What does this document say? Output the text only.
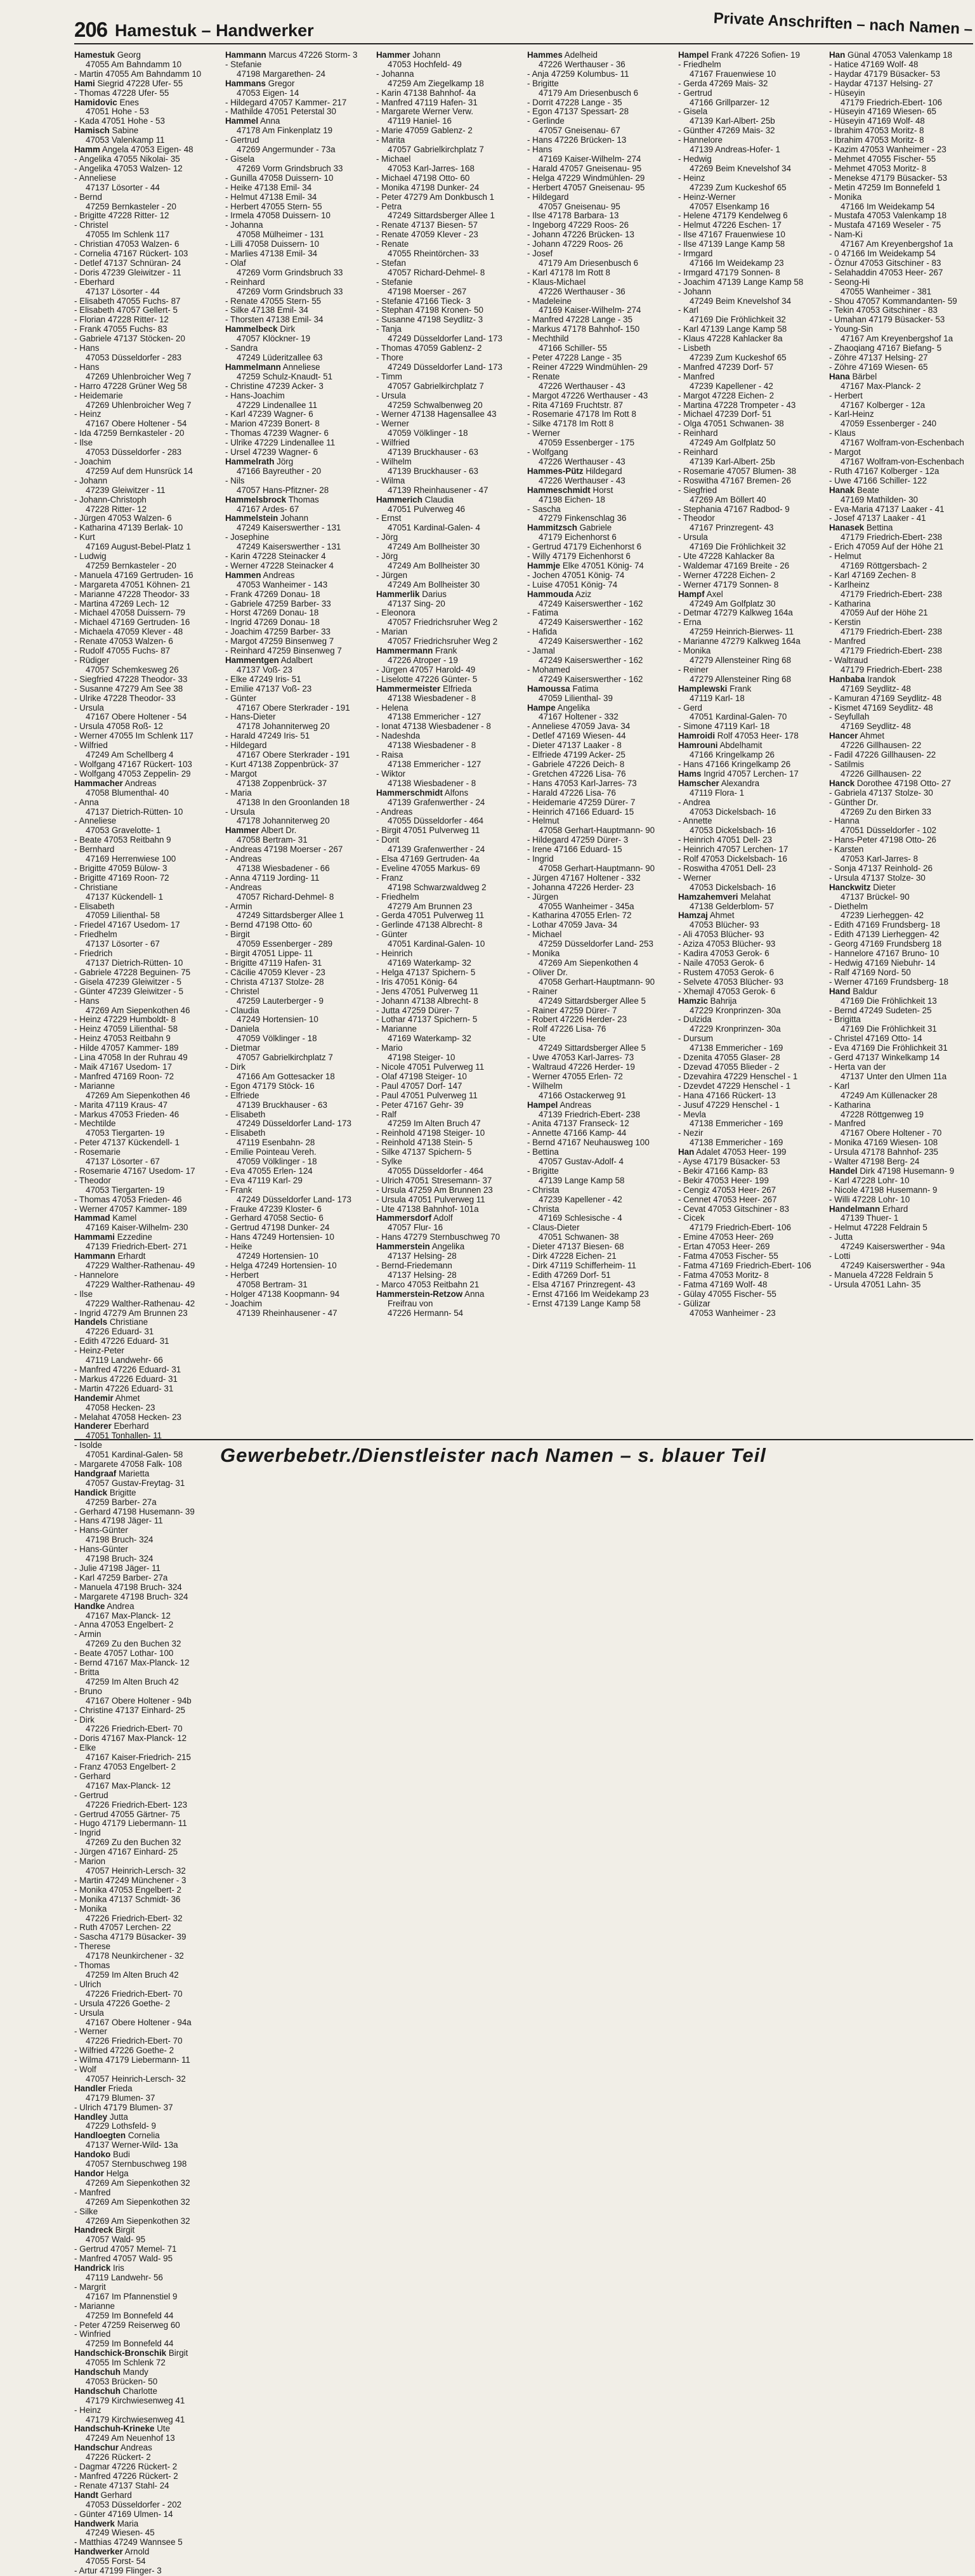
206 Hamestuk – Handwerker	Private Anschriften – nach Namen –
Hamestuk Georg
47055 Am Bahndamm 10
- Martin 47055 Am Bahndamm 10
Hami Siegrid 47228 Ufer- 55
- Thomas 47228 Ufer- 55
Hamidovic Enes
47051 Hohe - 53
- Kada 47051 Hohe - 53
Hamisch Sabine
47053 Valenkamp 11
Hamm Angela 47053 Eigen- 48
- Angelika 47055 Nikolai- 35
- Angelika 47053 Walzen- 12
- Anneliese
47137 Lösorter - 44
- Bernd
47259 Bernkasteler - 20
- Brigitte 47228 Ritter- 12
- Christel
47055 Im Schlenk 117
- Christian 47053 Walzen- 6
- Cornelia 47167 Rückert- 103
- Detlef 47137 Schnüran- 24
- Doris 47239 Gleiwitzer - 11
- Eberhard
47137 Lösorter - 44
- Elisabeth 47055 Fuchs- 87
- Elisabeth 47057 Gellert- 5
- Florian 47228 Ritter- 12
- Frank 47055 Fuchs- 83
- Gabriele 47137 Stöcken- 20
- Hans
47053 Düsseldorfer - 283
- Hans
47269 Uhlenbroicher Weg 7
- Harro 47228 Grüner Weg 58
- Heidemarie
47269 Uhlenbroicher Weg 7
- Heinz
47167 Obere Holtener - 54
- Ida 47259 Bernkasteler - 20
- Ilse
47053 Düsseldorfer - 283
- Joachim
47259 Auf dem Hunsrück 14
- Johann
47239 Gleiwitzer - 11
- Johann-Christoph
47228 Ritter- 12
- Jürgen 47053 Walzen- 6
- Katharina 47139 Berlak- 10
- Kurt
47169 August-Bebel-Platz 1
- Ludwig
47259 Bernkasteler - 20
- Manuela 47169 Gertruden- 16
- Margareta 47051 Köhnen- 21
- Marianne 47228 Theodor- 33
- Martina 47269 Lech- 12
- Michael 47058 Duissern- 79
- Michael 47169 Gertruden- 16
- Michaela 47059 Klever - 48
- Renate 47053 Walzen- 6
- Rudolf 47055 Fuchs- 87
- Rüdiger
47057 Schemkesweg 26
- Siegfried 47228 Theodor- 33
- Susanne 47279 Am See 38
- Ulrike 47228 Theodor- 33
- Ursula
47167 Obere Holtener - 54
- Ursula 47058 Roß- 12
- Werner 47055 Im Schlenk 117
- Wilfried
47249 Am Schellberg 4
- Wolfgang 47167 Rückert- 103
- Wolfgang 47053 Zeppelin- 29
Hammacher Andreas
47058 Blumenthal- 40
- Anna
47137 Dietrich-Rütten- 10
- Anneliese
47053 Gravelotte- 1
- Beate 47053 Reitbahn 9
- Bernhard
47169 Herrenwiese 100
- Brigitte 47059 Bülow- 3
- Brigitte 47169 Roon- 72
- Christiane
47137 Kückendell- 1
- Elisabeth
47059 Lilienthal- 58
- Friedel 47167 Usedom- 17
- Friedhelm
47137 Lösorter - 67
- Friedrich
47137 Dietrich-Rütten- 10
- Gabriele 47228 Beguinen- 75
- Gisela 47239 Gleiwitzer - 5
- Günter 47239 Gleiwitzer - 5
- Hans
47269 Am Siepenkothen 46
- Heinz 47229 Humboldt- 8
- Heinz 47059 Lilienthal- 58
- Heinz 47053 Reitbahn 9
- Hilde 47057 Kammer- 189
- Lina 47058 In der Ruhrau 49
- Maik 47167 Usedom- 17
- Manfred 47169 Roon- 72
- Marianne
47269 Am Siepenkothen 46
- Marita 47119 Kraus- 47
- Markus 47053 Frieden- 46
- Mechtilde
47053 Tiergarten- 19
- Peter 47137 Kückendell- 1
- Rosemarie
47137 Lösorter - 67
- Rosemarie 47167 Usedom- 17
- Theodor
47053 Tiergarten- 19
- Thomas 47053 Frieden- 46
- Werner 47057 Kammer- 189
Hammad Kamel
47169 Kaiser-Wilhelm- 230
Hammami Ezzedine
47139 Friedrich-Ebert- 271
Hammann Erhardt
47229 Walther-Rathenau- 49
- Hannelore
47229 Walther-Rathenau- 49
- Ilse
47229 Walther-Rathenau- 42
- Ingrid 47279 Am Brunnen 23
Hammann Marcus 47226 Storm- 3
- Stefanie
47198 Margarethen- 24
Hammans Gregor
47053 Eigen- 14
- Hildegard 47057 Kammer- 217
- Mathilde 47051 Peterstal 30
Hammel Anna
47178 Am Finkenplatz 19
- Gertrud
47269 Angermunder - 73a
- Gisela
47269 Vorm Grindsbruch 33
- Gunilla 47058 Duissern- 10
- Heike 47138 Emil- 34
- Helmut 47138 Emil- 34
- Herbert 47055 Stern- 55
- Irmela 47058 Duissern- 10
- Johanna
47058 Mülheimer - 131
- Lilli 47058 Duissern- 10
- Marlies 47138 Emil- 34
- Olaf
47269 Vorm Grindsbruch 33
- Reinhard
47269 Vorm Grindsbruch 33
- Renate 47055 Stern- 55
- Silke 47138 Emil- 34
- Thorsten 47138 Emil- 34
Hammelbeck Dirk
47057 Klöckner- 19
- Sandra
47249 Lüderitzallee 63
Hammelmann Anneliese
47259 Schulz-Knaudt- 51
- Christine 47239 Acker- 3
- Hans-Joachim
47229 Lindenallee 11
- Karl 47239 Wagner- 6
- Marion 47239 Bonert- 8
- Thomas 47239 Wagner- 6
- Ulrike 47229 Lindenallee 11
- Ursel 47239 Wagner- 6
Hammelrath Jörg
47166 Bayreuther - 20
- Nils
47057 Hans-Pfitzner- 28
Hammelsbrock Thomas
47167 Ardes- 67
Hammelstein Johann
47249 Kaiserswerther - 131
- Josephine
47249 Kaiserswerther - 131
- Karin 47228 Steinacker 4
- Werner 47228 Steinacker 4
Hammen Andreas
47053 Wanheimer - 143
- Frank 47269 Donau- 18
- Gabriele 47259 Barber- 33
- Horst 47269 Donau- 18
- Ingrid 47269 Donau- 18
- Joachim 47259 Barber- 33
- Margot 47259 Binsenweg 7
- Reinhard 47259 Binsenweg 7
Hammentgen Adalbert
47137 Voß- 23
- Elke 47249 Iris- 51
- Emilie 47137 Voß- 23
- Günter
47167 Obere Sterkrader - 191
- Hans-Dieter
47178 Johanniterweg 20
- Harald 47249 Iris- 51
- Hildegard
47167 Obere Sterkrader - 191
- Kurt 47138 Zoppenbrück- 37
- Margot
47138 Zoppenbrück- 37
- Maria
47138 In den Groonlanden 18
- Ursula
47178 Johanniterweg 20
Hammer Albert Dr.
47058 Bertram- 31
- Andreas 47198 Moerser - 267
- Andreas
47138 Wiesbadener - 66
- Anna 47119 Jording- 11
- Andreas
47057 Richard-Dehmel- 8
- Armin
47249 Sittardsberger Allee 1
- Bernd 47198 Otto- 60
- Birgit
47059 Essenberger - 289
- Birgit 47051 Lippe- 11
- Brigitte 47119 Hafen- 31
- Cäcilie 47059 Klever - 23
- Christa 47137 Stolze- 28
- Christel
47259 Lauterberger - 9
- Claudia
47249 Hortensien- 10
- Daniela
47059 Völklinger - 18
- Dietmar
47057 Gabrielkirchplatz 7
- Dirk
47166 Am Gottesacker 18
- Egon 47179 Stöck- 16
- Elfriede
47139 Bruckhauser - 63
- Elisabeth
47249 Düsseldorfer Land- 173
- Elisabeth
47119 Esenbahn- 28
- Emilie Pointeau Vereh.
47059 Völklinger - 18
- Eva 47055 Erlen- 124
- Eva 47119 Karl- 29
- Frank
47249 Düsseldorfer Land- 173
- Frauke 47239 Kloster- 6
- Gerhard 47058 Sectio- 6
- Gertrud 47198 Dunker- 24
- Hans 47249 Hortensien- 10
- Heike
47249 Hortensien- 10
- Helga 47249 Hortensien- 10
- Herbert
47058 Bertram- 31
- Holger 47138 Koopmann- 94
- Joachim
47139 Rheinhausener - 47
Hammer Johann
47053 Hochfeld- 49
- Johanna
47259 Am Ziegelkamp 18
- Karin 47138 Bahnhof- 4a
- Manfred 47119 Hafen- 31
- Margarete Werner Verw.
47119 Haniel- 16
- Marie 47059 Gablenz- 2
- Marita
47057 Gabrielkirchplatz 7
- Michael
47053 Karl-Jarres- 168
- Michael 47198 Otto- 60
- Monika 47198 Dunker- 24
- Peter 47279 Am Donkbusch 1
- Petra
47249 Sittardsberger Allee 1
- Renate 47137 Biesen- 57
- Renate 47059 Klever - 23
- Renate
47055 Rheintörchen- 33
- Stefan
47057 Richard-Dehmel- 8
- Stefanie
47198 Moerser - 267
- Stefanie 47166 Tieck- 3
- Stephan 47198 Kronen- 50
- Susanne 47198 Seydlitz- 3
- Tanja
47249 Düsseldorfer Land- 173
- Thomas 47059 Gablenz- 2
- Thore
47249 Düsseldorfer Land- 173
- Timm
47057 Gabrielkirchplatz 7
- Ursula
47259 Schwalbenweg 20
- Werner 47138 Hagensallee 43
- Werner
47059 Völklinger - 18
- Wilfried
47139 Bruckhauser - 63
- Wilhelm
47139 Bruckhauser - 63
- Wilma
47139 Rheinhausener - 47
Hammerich Claudia
47051 Pulverweg 46
- Ernst
47051 Kardinal-Galen- 4
- Jörg
47249 Am Bollheister 30
- Jörg
47249 Am Bollheister 30
- Jürgen
47249 Am Bollheister 30
Hammerlik Darius
47137 Sing- 20
- Eleonora
47057 Friedrichsruher Weg 2
- Marian
47057 Friedrichsruher Weg 2
Hammermann Frank
47226 Atroper - 19
- Jürgen 47057 Harold- 49
- Liselotte 47226 Günter- 5
Hammermeister Elfrieda
47138 Wiesbadener - 8
- Helena
47138 Emmericher - 127
- Ionat 47138 Wiesbadener - 8
- Nadeshda
47138 Wiesbadener - 8
- Raisa
47138 Emmericher - 127
- Wiktor
47138 Wiesbadener - 8
Hammerschmidt Alfons
47139 Grafenwerther - 24
- Andreas
47055 Düsseldorfer - 464
- Birgit 47051 Pulverweg 11
- Dorit
47139 Grafenwerther - 24
- Elsa 47169 Gertruden- 4a
- Eveline 47055 Markus- 69
- Franz
47198 Schwarzwaldweg 2
- Friedhelm
47279 Am Brunnen 23
- Gerda 47051 Pulverweg 11
- Gerlinde 47138 Albrecht- 8
- Günter
47051 Kardinal-Galen- 10
- Heinrich
47169 Waterkamp- 32
- Helga 47137 Spichern- 5
- Iris 47051 König- 64
- Jens 47051 Pulverweg 11
- Johann 47138 Albrecht- 8
- Jutta 47259 Dürer- 7
- Lothar 47137 Spichern- 5
- Marianne
47169 Waterkamp- 32
- Mario
47198 Steiger- 10
- Nicole 47051 Pulverweg 11
- Olaf 47198 Steiger- 10
- Paul 47057 Dorf- 147
- Paul 47051 Pulverweg 11
- Peter 47167 Gehr- 39
- Ralf
47259 Im Alten Bruch 47
- Reinhold 47198 Steiger- 10
- Reinhold 47138 Stein- 5
- Silke 47137 Spichern- 5
- Sylke
47055 Düsseldorfer - 464
- Ulrich 47051 Stresemann- 37
- Ursula 47259 Am Brunnen 23
- Ursula 47051 Pulverweg 11
- Ute 47138 Bahnhof- 101a
Hammersdorf Adolf
47057 Flur- 16
- Hans 47279 Sternbuschweg 70
Hammerstein Angelika
47137 Helsing- 28
- Bernd-Friedemann
47137 Helsing- 28
- Marco 47053 Reitbahn 21
Hammerstein-Retzow Anna
Freifrau von
47226 Hermann- 54
Hammes Adelheid
47226 Werthauser - 36
- Anja 47259 Kolumbus- 11
- Brigitte
47179 Am Driesenbusch 6
- Dorrit 47228 Lange - 35
- Egon 47137 Spessart- 28
- Gerlinde
47057 Gneisenau- 67
- Hans 47226 Brücken- 13
- Hans
47169 Kaiser-Wilhelm- 274
- Harald 47057 Gneisenau- 95
- Helga 47229 Windmühlen- 29
- Herbert 47057 Gneisenau- 95
- Hildegard
47057 Gneisenau- 95
- Ilse 47178 Barbara- 13
- Ingeborg 47229 Roos- 26
- Johann 47226 Brücken- 13
- Johann 47229 Roos- 26
- Josef
47179 Am Driesenbusch 6
- Karl 47178 Im Rott 8
- Klaus-Michael
47226 Werthauser - 36
- Madeleine
47169 Kaiser-Wilhelm- 274
- Manfred 47228 Lange - 35
- Markus 47178 Bahnhof- 150
- Mechthild
47166 Schiller- 55
- Peter 47228 Lange - 35
- Reiner 47229 Windmühlen- 29
- Renate
47226 Werthauser - 43
- Margot 47226 Werthauser - 43
- Rita 47169 Fruchtstr. 87
- Rosemarie 47178 Im Rott 8
- Silke 47178 Im Rott 8
- Werner
47059 Essenberger - 175
- Wolfgang
47226 Werthauser - 43
Hammes-Pütz Hildegard
47226 Werthauser - 43
Hammeschmidt Horst
47198 Eichen- 18
- Sascha
47279 Finkenschlag 36
Hammitzsch Gabriele
47179 Eichenhorst 6
- Gertrud 47179 Eichenhorst 6
- Willy 47179 Eichenhorst 6
Hammje Elke 47051 König- 74
- Jochen 47051 König- 74
- Luise 47051 König- 74
Hammouda Aziz
47249 Kaiserswerther - 162
- Fatima
47249 Kaiserswerther - 162
- Hafida
47249 Kaiserswerther - 162
- Jamal
47249 Kaiserswerther - 162
- Mohamed
47249 Kaiserswerther - 162
Hamoussa Fatima
47059 Lilienthal- 39
Hampe Angelika
47167 Holtener - 332
- Anneliese 47059 Java- 34
- Detlef 47169 Wiesen- 44
- Dieter 47137 Laaker - 8
- Elfriede 47199 Acker- 25
- Gabriele 47226 Deich- 8
- Gretchen 47226 Lisa- 76
- Hans 47053 Karl-Jarres- 73
- Harald 47226 Lisa- 76
- Heidemarie 47259 Dürer- 7
- Heinrich 47166 Eduard- 15
- Helmut
47058 Gerhart-Hauptmann- 90
- Hildegard 47259 Dürer- 3
- Irene 47166 Eduard- 15
- Ingrid
47058 Gerhart-Hauptmann- 90
- Jürgen 47167 Holtener - 332
- Johanna 47226 Herder- 23
- Jürgen
47055 Wanheimer - 345a
- Katharina 47055 Erlen- 72
- Lothar 47059 Java- 34
- Michael
47259 Düsseldorfer Land- 253
- Monika
47269 Am Siepenkothen 4
- Oliver Dr.
47058 Gerhart-Hauptmann- 90
- Rainer
47249 Sittardsberger Allee 5
- Rainer 47259 Dürer- 7
- Robert 47226 Herder- 23
- Rolf 47226 Lisa- 76
- Ute
47249 Sittardsberger Allee 5
- Uwe 47053 Karl-Jarres- 73
- Waltraud 47226 Herder- 19
- Werner 47055 Erlen- 72
- Wilhelm
47166 Ostackerweg 91
Hampel Andreas
47139 Friedrich-Ebert- 238
- Anita 47137 Franseck- 12
- Annette 47166 Kamp- 44
- Bernd 47167 Neuhausweg 100
- Bettina
47057 Gustav-Adolf- 4
- Brigitte
47139 Lange Kamp 58
- Christa
47239 Kapellener - 42
- Christa
47169 Schlesische - 4
- Claus-Dieter
47051 Schwanen- 38
- Dieter 47137 Biesen- 68
- Dirk 47228 Eichen- 21
- Dirk 47119 Schifferheim- 11
- Edith 47269 Dorf- 51
- Elsa 47167 Prinzregent- 43
- Ernst 47166 Im Weidekamp 23
- Ernst 47139 Lange Kamp 58
Hampel Frank 47226 Sofien- 19
- Friedhelm
47167 Frauenwiese 10
- Gerda 47269 Mais- 32
- Gertrud
47166 Grillparzer- 12
- Gisela
47139 Karl-Albert- 25b
- Günther 47269 Mais- 32
- Hannelore
47139 Andreas-Hofer- 1
- Hedwig
47269 Beim Knevelshof 34
- Heinz
47239 Zum Kuckeshof 65
- Heinz-Werner
47057 Elsenkamp 16
- Helene 47179 Kendelweg 6
- Helmut 47226 Eschen- 17
- Ilse 47167 Frauenwiese 10
- Ilse 47139 Lange Kamp 58
- Irmgard
47166 Im Weidekamp 23
- Irmgard 47179 Sonnen- 8
- Joachim 47139 Lange Kamp 58
- Johann
47249 Beim Knevelshof 34
- Karl
47169 Die Fröhlichkeit 32
- Karl 47139 Lange Kamp 58
- Klaus 47228 Kahlacker 8a
- Lisbeth
47239 Zum Kuckeshof 65
- Manfred 47239 Dorf- 57
- Manfred
47239 Kapellener - 42
- Margot 47228 Eichen- 2
- Martina 47228 Trompeter - 43
- Michael 47239 Dorf- 51
- Olga 47051 Schwanen- 38
- Reinhard
47249 Am Golfplatz 50
- Reinhard
47139 Karl-Albert- 25b
- Rosemarie 47057 Blumen- 38
- Roswitha 47167 Bremen- 26
- Siegfried
47269 Am Böllert 40
- Stephania 47167 Radbod- 9
- Theodor
47167 Prinzregent- 43
- Ursula
47169 Die Fröhlichkeit 32
- Ute 47228 Kahlacker 8a
- Waldemar 47169 Breite - 26
- Werner 47228 Eichen- 2
- Werner 47179 Sonnen- 8
Hampf Axel
47249 Am Golfplatz 30
- Detmar 47279 Kalkweg 164a
- Erna
47259 Heinrich-Bierwes- 11
- Marianne 47279 Kalkweg 164a
- Monika
47279 Allensteiner Ring 68
- Reiner
47279 Allensteiner Ring 68
Hamplewski Frank
47119 Karl- 18
- Gerd
47051 Kardinal-Galen- 70
- Simone 47119 Karl- 18
Hamroidi Rolf 47053 Heer- 178
Hamrouni Abdelhamit
47166 Kringelkamp 26
- Hans 47166 Kringelkamp 26
Hams Ingrid 47057 Lerchen- 17
Hamscher Alexandra
47119 Flora- 1
- Andrea
47053 Dickelsbach- 16
- Annette
47053 Dickelsbach- 16
- Heinrich 47051 Dell- 23
- Heinrich 47057 Lerchen- 17
- Rolf 47053 Dickelsbach- 16
- Roswitha 47051 Dell- 23
- Werner
47053 Dickelsbach- 16
Hamzahemveri Melahat
47138 Gelderblom- 57
Hamzaj Ahmet
47053 Blücher- 93
- Ali 47053 Blücher- 93
- Aziza 47053 Blücher- 93
- Kadira 47053 Gerok- 6
- Naile 47053 Gerok- 6
- Rustem 47053 Gerok- 6
- Selvete 47053 Blücher- 93
- Xhemajl 47053 Gerok- 6
Hamzic Bahrija
47229 Kronprinzen- 30a
- Dulzida
47229 Kronprinzen- 30a
- Dursum
47138 Emmericher - 169
- Dzenita 47055 Glaser- 28
- Dzevad 47055 Blieder - 2
- Dzevahira 47229 Henschel - 1
- Dzevdet 47229 Henschel - 1
- Hana 47166 Rückert- 13
- Jusuf 47229 Henschel - 1
- Mevla
47138 Emmericher - 169
- Nezir
47138 Emmericher - 169
Han Adalet 47053 Heer- 199
- Ayse 47179 Büsacker- 53
- Bekir 47166 Kamp- 83
- Bekir 47053 Heer- 199
- Cengiz 47053 Heer- 267
- Cennet 47053 Heer- 267
- Cevat 47053 Gitschiner - 83
- Cicek
47179 Friedrich-Ebert- 106
- Emine 47053 Heer- 269
- Ertan 47053 Heer- 269
- Fatma 47053 Fischer- 55
- Fatma 47169 Friedrich-Ebert- 106
- Fatma 47053 Moritz- 8
- Fatma 47169 Wolf- 48
- Gülay 47055 Fischer- 55
- Gülizar
47053 Wanheimer - 23
Han Günal 47053 Valenkamp 18
- Hatice 47169 Wolf- 48
- Haydar 47179 Büsacker- 53
- Haydar 47137 Helsing- 27
- Hüseyin
47179 Friedrich-Ebert- 106
- Hüseyin 47169 Wiesen- 65
- Hüseyin 47169 Wolf- 48
- Ibrahim 47053 Moritz- 8
- Ibrahim 47053 Moritz- 8
- Kazim 47053 Wanheimer - 23
- Mehmet 47055 Fischer- 55
- Mehmet 47053 Moritz- 8
- Menekse 47179 Büsacker- 53
- Metin 47259 Im Bonnefeld 1
- Monika
47166 Im Weidekamp 54
- Mustafa 47053 Valenkamp 18
- Mustafa 47169 Weseler - 75
- Nam-Ki
47167 Am Kreyenbergshof 1a
- 0 47166 Im Weidekamp 54
- Öznur 47053 Gitschiner - 83
- Selahaddin 47053 Heer- 267
- Seong-Hi
47055 Wanheimer - 381
- Shou 47057 Kommandanten- 59
- Tekin 47053 Gitschiner - 83
- Umahan 47179 Büsacker- 53
- Young-Sin
47167 Am Kreyenbergshof 1a
- Zhaoqiang 47167 Biefang- 5
- Zöhre 47137 Helsing- 27
- Zöhre 47169 Wiesen- 65
Hana Bärbel
47167 Max-Planck- 2
- Herbert
47167 Kolberger - 12a
- Karl-Heinz
47059 Essenberger - 240
- Klaus
47167 Wolfram-von-Eschenbach
- Margot
47167 Wolfram-von-Eschenbach
- Ruth 47167 Kolberger - 12a
- Uwe 47166 Schiller- 122
Hanak Beate
47169 Mathilden- 30
- Eva-Maria 47137 Laaker - 41
- Josef 47137 Laaker - 41
Hanasek Bettina
47179 Friedrich-Ebert- 238
- Erich 47059 Auf der Höhe 21
- Helmut
47169 Röttgersbach- 2
- Karl 47169 Zechen- 8
- Karlheinz
47179 Friedrich-Ebert- 238
- Katharina
47059 Auf der Höhe 21
- Kerstin
47179 Friedrich-Ebert- 238
- Manfred
47179 Friedrich-Ebert- 238
- Waltraud
47179 Friedrich-Ebert- 238
Hanbaba Irandok
47169 Seydlitz- 48
- Kamuran 47169 Seydlitz- 48
- Kismet 47169 Seydlitz- 48
- Seyfullah
47169 Seydlitz- 48
Hancer Ahmet
47226 Gillhausen- 22
- Fadil 47226 Gillhausen- 22
- Satilmis
47226 Gillhausen- 22
Hanck Dorothee 47198 Otto- 27
- Gabriela 47137 Stolze- 30
- Günther Dr.
47269 Zu den Birken 33
- Hanna
47051 Düsseldorfer - 102
- Hans-Peter 47198 Otto- 26
- Karsten
47053 Karl-Jarres- 8
- Sonja 47137 Reinhold- 26
- Ursula 47137 Stolze- 30
Hanckwitz Dieter
47137 Brückel- 90
- Diethelm
47239 Lierheggen- 42
- Edith 47169 Frundsberg- 18
- Edith 47139 Lierheggen- 42
- Georg 47169 Frundsberg 18
- Hannelore 47167 Bruno- 10
- Hedwig 47169 Niebuhr- 14
- Ralf 47169 Nord- 50
- Werner 47169 Frundsberg- 18
Hand Baldur
47169 Die Fröhlichkeit 13
- Bernd 47249 Sudeten- 25
- Brigitta
47169 Die Fröhlichkeit 31
- Christel 47169 Otto- 14
- Eva 47169 Die Fröhlichkeit 31
- Gerd 47137 Winkelkamp 14
- Herta van der
47137 Unter den Ulmen 11a
- Karl
47249 Am Küllenacker 28
- Katharina
47228 Röttgenweg 19
- Manfred
47167 Obere Holtener - 70
- Monika 47169 Wiesen- 108
- Ursula 47178 Bahnhof- 235
- Walter 47198 Berg- 24
Handel Dirk 47198 Husemann- 9
- Karl 47228 Lohr- 10
- Nicole 47198 Husemann- 9
- Willi 47228 Lohr- 10
Handelmann Erhard
47139 Thuer- 1
- Helmut 47228 Feldrain 5
- Jutta
47249 Kaiserswerther - 94a
- Lotti
47249 Kaiserswerther - 94a
- Manuela 47228 Feldrain 5
- Ursula 47051 Lahn- 35
Handels Christiane
47226 Eduard- 31
- Edith 47226 Eduard- 31
- Heinz-Peter
47119 Landwehr- 66
- Manfred 47226 Eduard- 31
- Markus 47226 Eduard- 31
- Martin 47226 Eduard- 31
Handemir Ahmet
47058 Hecken- 23
- Melahat 47058 Hecken- 23
Handerer Eberhard
47051 Tonhallen- 11
- Isolde
47051 Kardinal-Galen- 58
- Margarete 47058 Falk- 108
Handgraaf Marietta
47057 Gustav-Freytag- 31
Handick Brigitte
47259 Barber- 27a
- Gerhard 47198 Husemann- 39
- Hans 47198 Jäger- 11
- Hans-Günter
47198 Bruch- 324
- Hans-Günter
47198 Bruch- 324
- Julie 47198 Jäger- 11
- Karl 47259 Barber- 27a
- Manuela 47198 Bruch- 324
- Margarete 47198 Bruch- 324
Handke Andrea
47167 Max-Planck- 12
- Anna 47053 Engelbert- 2
- Armin
47269 Zu den Buchen 32
- Beate 47057 Lothar- 100
- Bernd 47167 Max-Planck- 12
- Britta
47259 Im Alten Bruch 42
- Bruno
47167 Obere Holtener - 94b
- Christine 47137 Einhard- 25
- Dirk
47226 Friedrich-Ebert- 70
- Doris 47167 Max-Planck- 12
- Elke
47167 Kaiser-Friedrich- 215
- Franz 47053 Engelbert- 2
- Gerhard
47167 Max-Planck- 12
- Gertrud
47226 Friedrich-Ebert- 123
- Gertrud 47055 Gärtner- 75
- Hugo 47179 Liebermann- 11
- Ingrid
47269 Zu den Buchen 32
- Jürgen 47167 Einhard- 25
- Marion
47057 Heinrich-Lersch- 32
- Martin 47249 Münchener - 3
- Monika 47053 Engelbert- 2
- Monika 47137 Schmidt- 36
- Monika
47226 Friedrich-Ebert- 32
- Ruth 47057 Lerchen- 22
- Sascha 47179 Büsacker- 39
- Therese
47178 Neunkirchener - 32
- Thomas
47259 Im Alten Bruch 42
- Ulrich
47226 Friedrich-Ebert- 70
- Ursula 47226 Goethe- 2
- Ursula
47167 Obere Holtener - 94a
- Werner
47226 Friedrich-Ebert- 70
- Wilfried 47226 Goethe- 2
- Wilma 47179 Liebermann- 11
- Wolf
47057 Heinrich-Lersch- 32
Handler Frieda
47179 Blumen- 37
- Ulrich 47179 Blumen- 37
Handley Jutta
47229 Lothsfeld- 9
Handloegten Cornelia
47137 Werner-Wild- 13a
Handoko Budi
47057 Sternbuschweg 198
Handor Helga
47269 Am Siepenkothen 32
- Manfred
47269 Am Siepenkothen 32
- Silke
47269 Am Siepenkothen 32
Handreck Birgit
47057 Wald- 95
- Gertrud 47057 Memel- 71
- Manfred 47057 Wald- 95
Handrick Iris
47119 Landwehr- 56
- Margrit
47167 Im Pfannenstiel 9
- Marianne
47259 Im Bonnefeld 44
- Peter 47259 Reiserweg 60
- Winfried
47259 Im Bonnefeld 44
Handschick-Bronschik Birgit
47055 Im Schlenk 72
Handschuh Mandy
47053 Brücken- 50
Handschuh Charlotte
47179 Kirchwiesenweg 41
- Heinz
47179 Kirchwiesenweg 41
Handschuh-Krineke Ute
47249 Am Neuenhof 13
Handschur Andreas
47226 Rückert- 2
- Dagmar 47226 Rückert- 2
- Manfred 47226 Rückert- 2
- Renate 47137 Stahl- 24
Handt Gerhard
47053 Düsseldorfer - 202
- Günter 47169 Ulmen- 14
Handwerk Maria
47249 Wiesen- 45
- Matthias 47249 Wannsee 5
Handwerker Arnold
47055 Forst- 54
- Artur 47199 Flinger- 3
Gewerbebetr./Dienstleister nach Namen – s. blauer Teil
